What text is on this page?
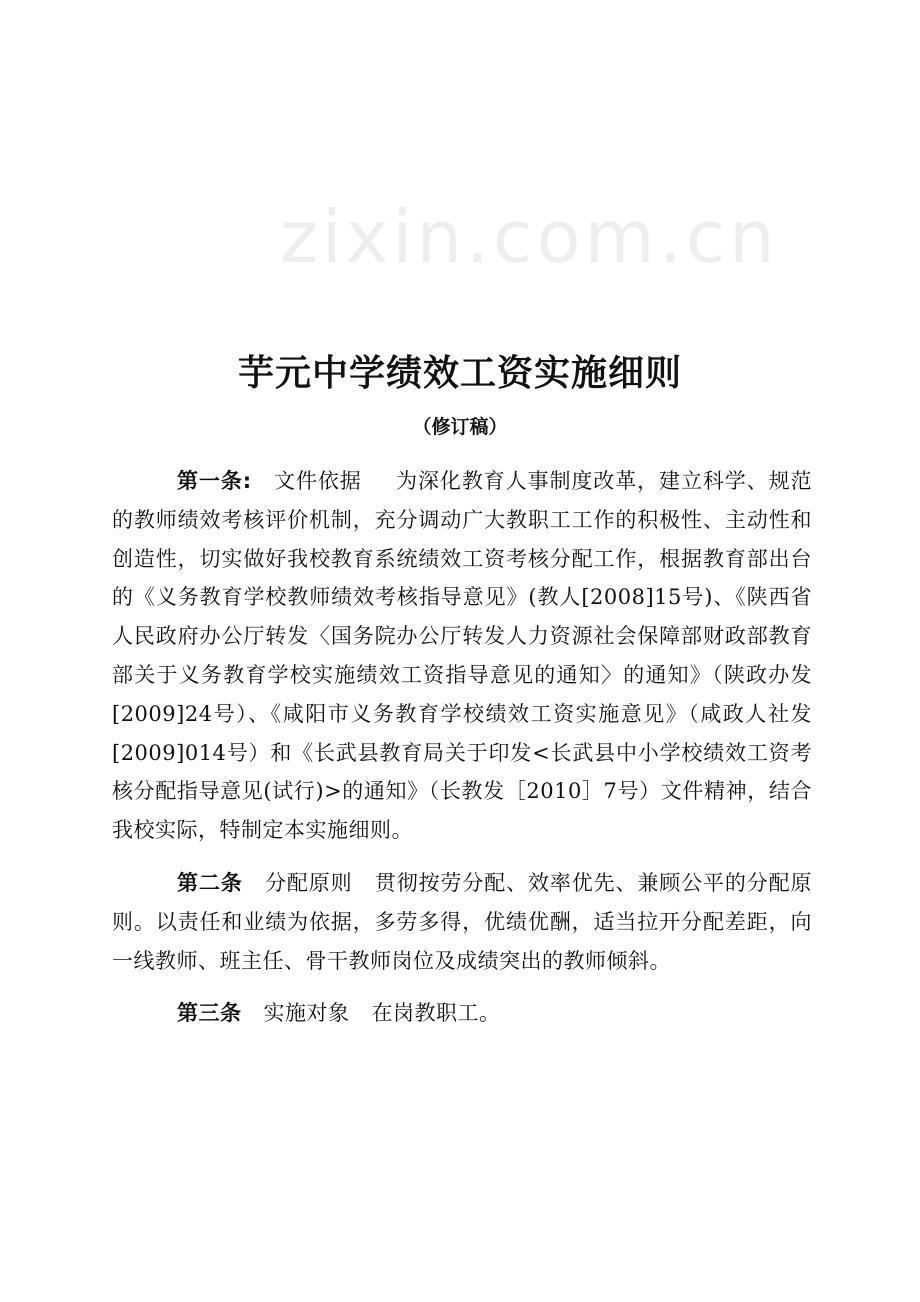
zixin.com.cn
芋元中学绩效工资实施细则
（修订稿）

第一条: 文件依据 为深化教育人事制度改革，建立科学、规范的教师绩效考核评价机制，充分调动广大教职工工作的积极性、主动性和创造性，切实做好我校教育系统绩效工资考核分配工作，根据教育部出台的《义务教育学校教师绩效考核指导意见》(教人[2008]15号)、《陕西省人民政府办公厅转发〈国务院办公厅转发人力资源社会保障部财政部教育部关于义务教育学校实施绩效工资指导意见的通知〉的通知》（陕政办发[2009]24号）、《咸阳市义务教育学校绩效工资实施意见》（咸政人社发[2009]014号）和《长武县教育局关于印发<长武县中小学校绩效工资考核分配指导意见(试行)>的通知》（长教发［2010］7号）文件精神，结合我校实际，特制定本实施细则。

第二条 分配原则 贯彻按劳分配、效率优先、兼顾公平的分配原则。以责任和业绩为依据，多劳多得，优绩优酬，适当拉开分配差距，向一线教师、班主任、骨干教师岗位及成绩突出的教师倾斜。

第三条 实施对象 在岗教职工。
